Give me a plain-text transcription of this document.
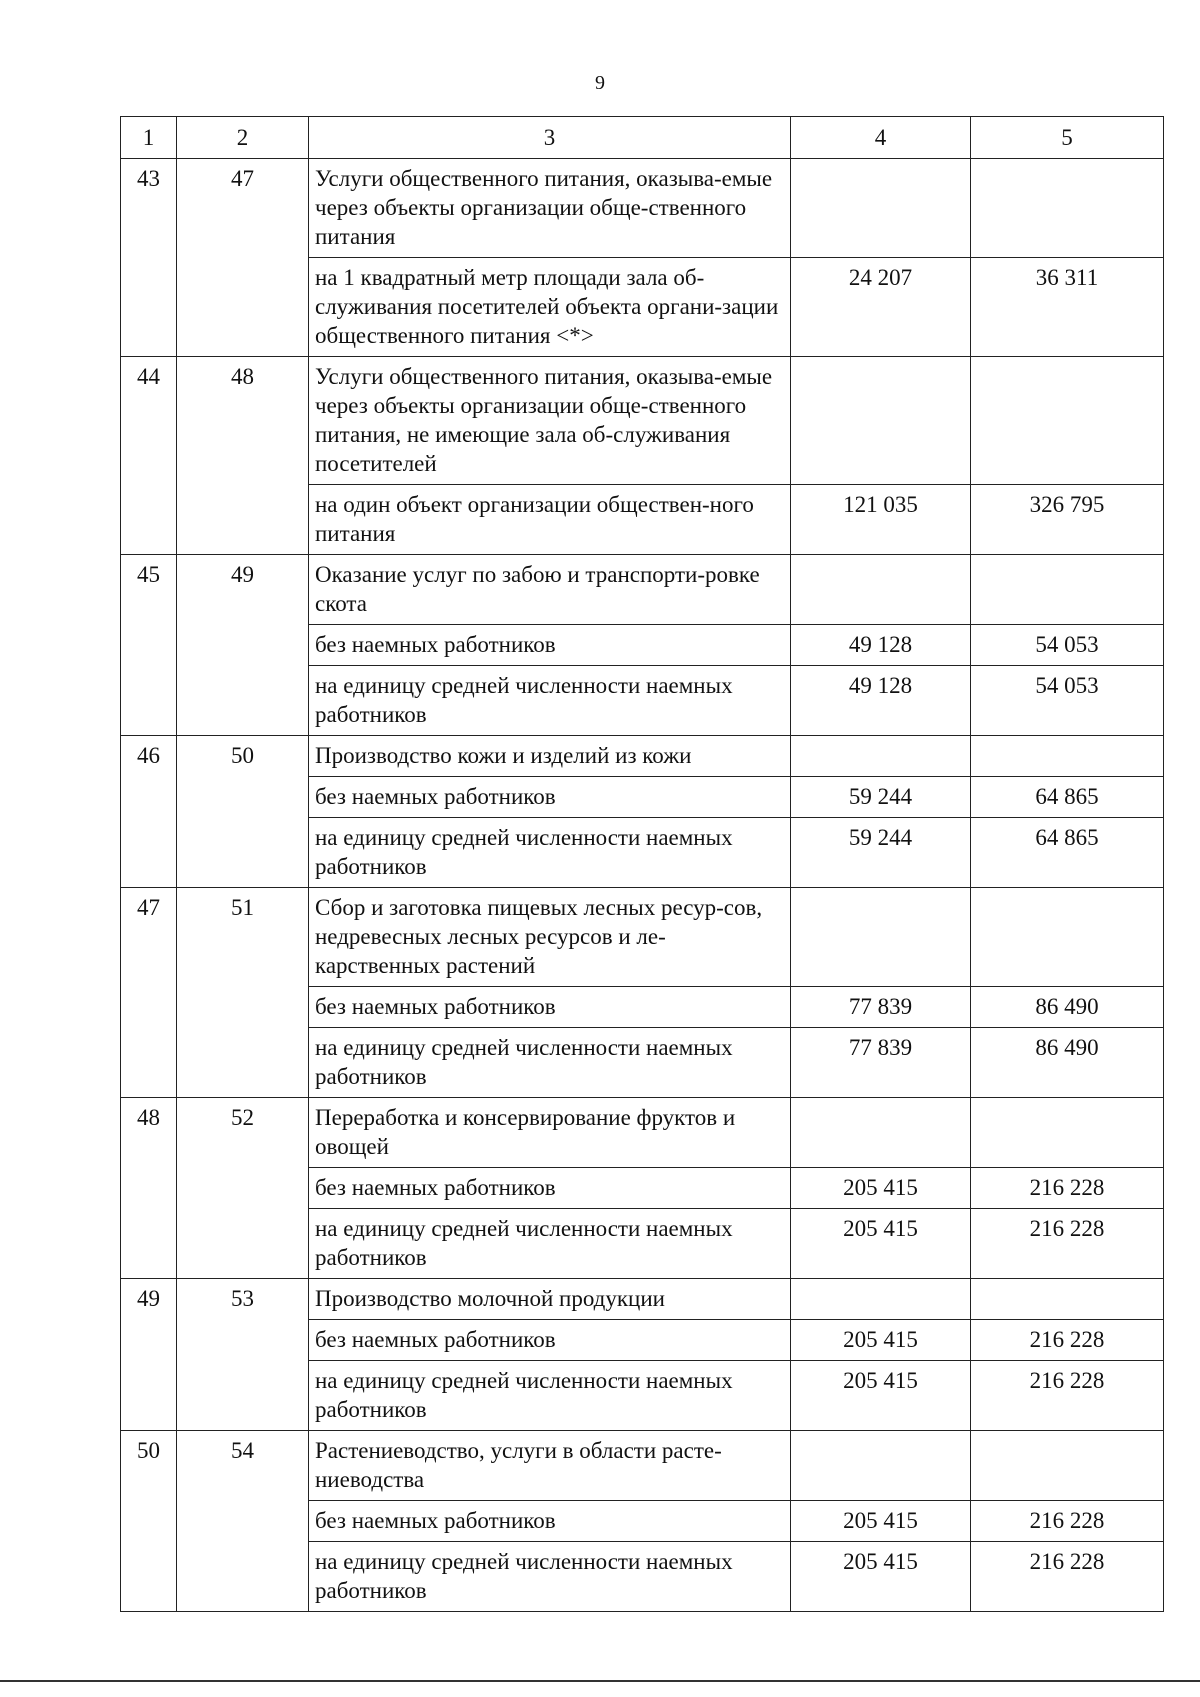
9
1	2	3	4	5
43	47	Услуги общественного питания, оказыва-емые через объекты организации обще-ственного питания		
		на 1 квадратный метр площади зала об-служивания посетителей объекта органи-зации общественного питания <*>	24 207	36 311
44	48	Услуги общественного питания, оказыва-емые через объекты организации обще-ственного питания, не имеющие зала об-служивания посетителей		
		на один объект организации обществен-ного питания	121 035	326 795
45	49	Оказание услуг по забою и транспорти-ровке скота		
		без наемных работников	49 128	54 053
		на единицу средней численности наемных работников	49 128	54 053
46	50	Производство кожи и изделий из кожи		
		без наемных работников	59 244	64 865
		на единицу средней численности наемных работников	59 244	64 865
47	51	Сбор и заготовка пищевых лесных ресур-сов, недревесных лесных ресурсов и ле-карственных растений		
		без наемных работников	77 839	86 490
		на единицу средней численности наемных работников	77 839	86 490
48	52	Переработка и консервирование фруктов и овощей		
		без наемных работников	205 415	216 228
		на единицу средней численности наемных работников	205 415	216 228
49	53	Производство молочной продукции		
		без наемных работников	205 415	216 228
		на единицу средней численности наемных работников	205 415	216 228
50	54	Растениеводство, услуги в области расте-ниеводства		
		без наемных работников	205 415	216 228
		на единицу средней численности наемных работников	205 415	216 228
